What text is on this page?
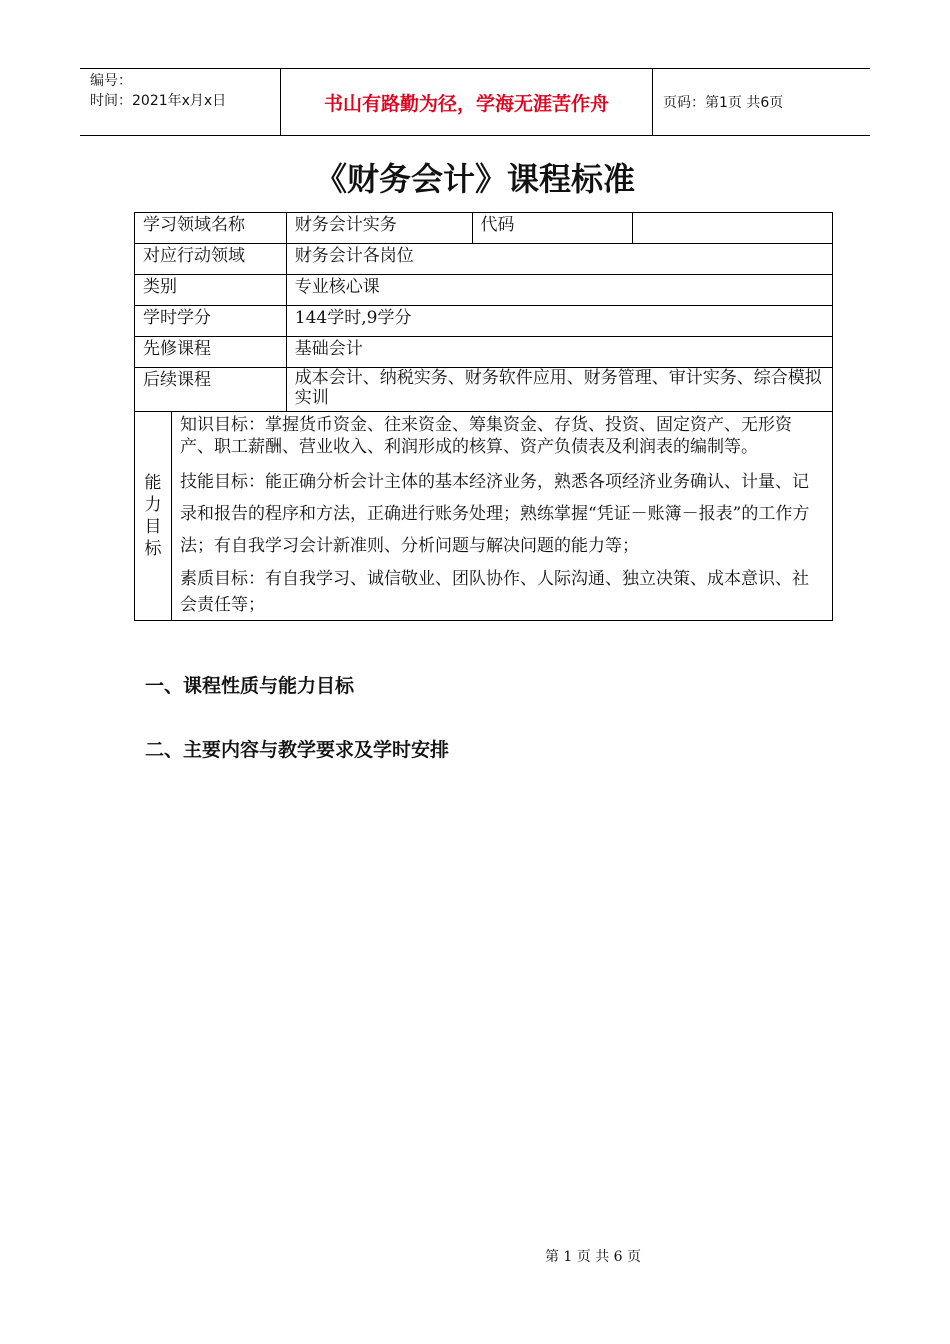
编号：
时间：2021年x月x日	书山有路勤为径，学海无涯苦作舟	页码：第1页 共6页
《财务会计》课程标准
学习领域名称		财务会计实务	代码	
对应行动领域		财务会计各岗位		
类别		专业核心课		
学时学分		144学时,9学分		
先修课程		基础会计		
后续课程		成本会计、纳税实务、财务软件应用、财务管理、审计实务、综合模拟实训		

能力目标	知识目标：掌握货币资金、往来资金、筹集资金、存货、投资、固定资产、无形资产、职工薪酬、营业收入、利润形成的核算、资产负债表及利润表的编制等。

技能目标：能正确分析会计主体的基本经济业务，熟悉各项经济业务确认、计量、记录和报告的程序和方法，正确进行账务处理；熟练掌握“凭证－账簿－报表”的工作方法；有自我学习会计新准则、分析问题与解决问题的能力等；

素质目标：有自我学习、诚信敬业、团队协作、人际沟通、独立决策、成本意识、社会责任等；			

一、课程性质与能力目标
二、主要内容与教学要求及学时安排
第 1 页 共 6 页
